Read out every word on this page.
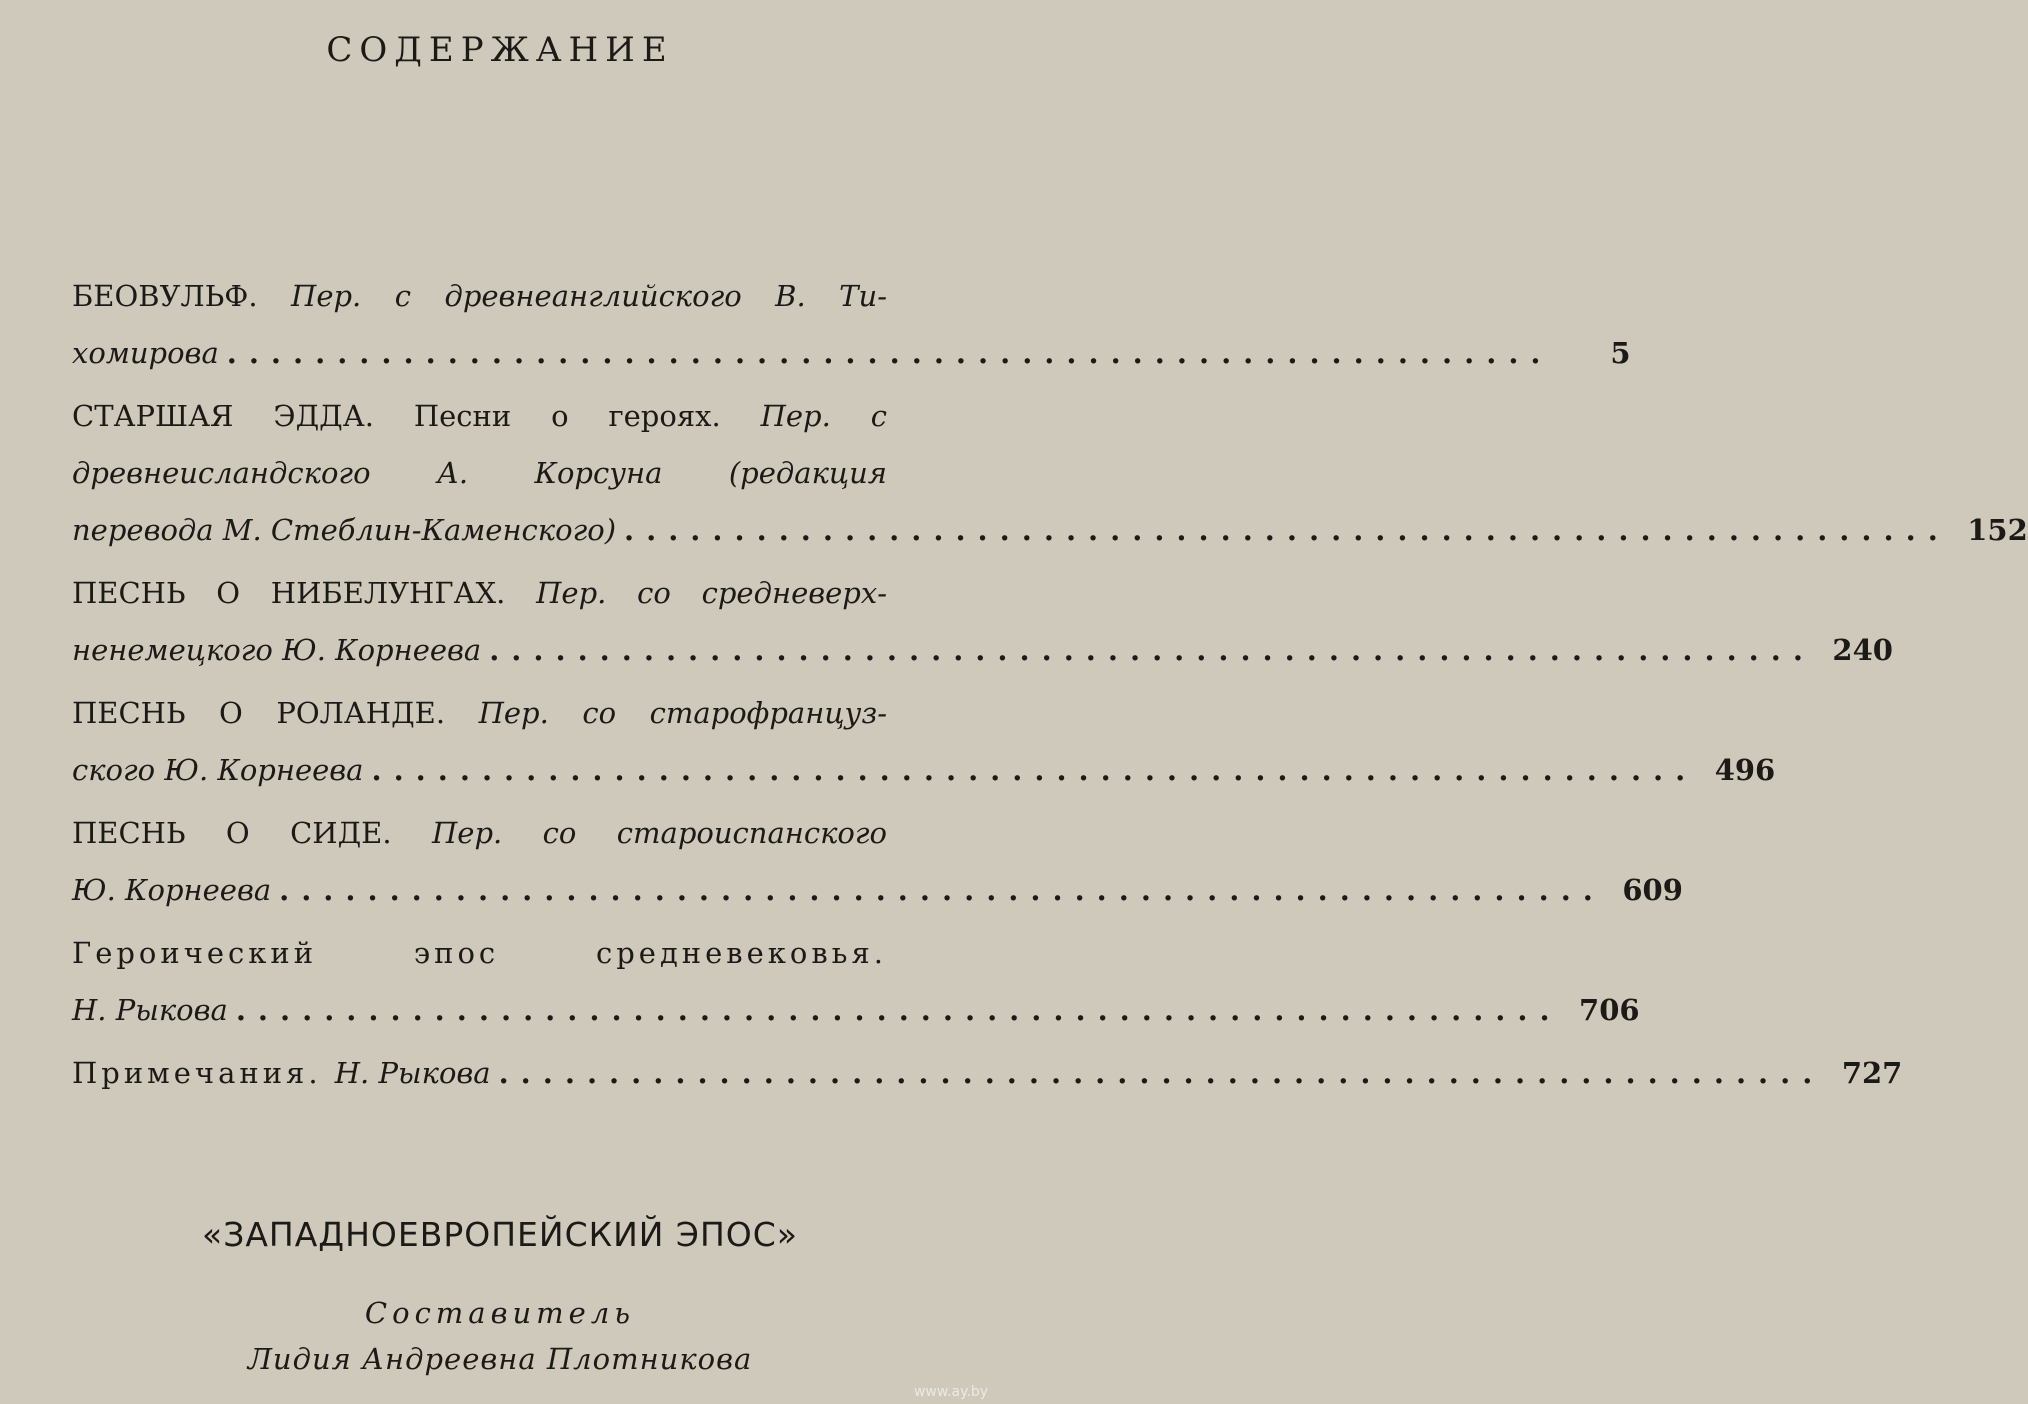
СОДЕРЖАНИЕ
БЕОВУЛЬФ. Пер. с древнеанглийского В. Ти-
хомирова ............................................................	5
СТАРШАЯ ЭДДА. Песни о героях. Пер. с
древнеисландского А. Корсуна (редакция
перевода М. Стеблин-Каменского) ............................................................ 152
ПЕСНЬ О НИБЕЛУНГАХ. Пер. со средневерх-
ненемецкого Ю. Корнеева ............................................................ 240
ПЕСНЬ О РОЛАНДЕ. Пер. со старофранцуз-
ского Ю. Корнеева ............................................................ 496
ПЕСНЬ О СИДЕ. Пер. со староиспанского
Ю. Корнеева ............................................................ 609
Героический эпос средневековья.
Н. Рыкова ............................................................ 706
Примечания. Н. Рыкова ............................................................ 727
«ЗАПАДНОЕВРОПЕЙСКИЙ ЭПОС»
Составитель
Лидия Андреевна Плотникова
www.ay.by
